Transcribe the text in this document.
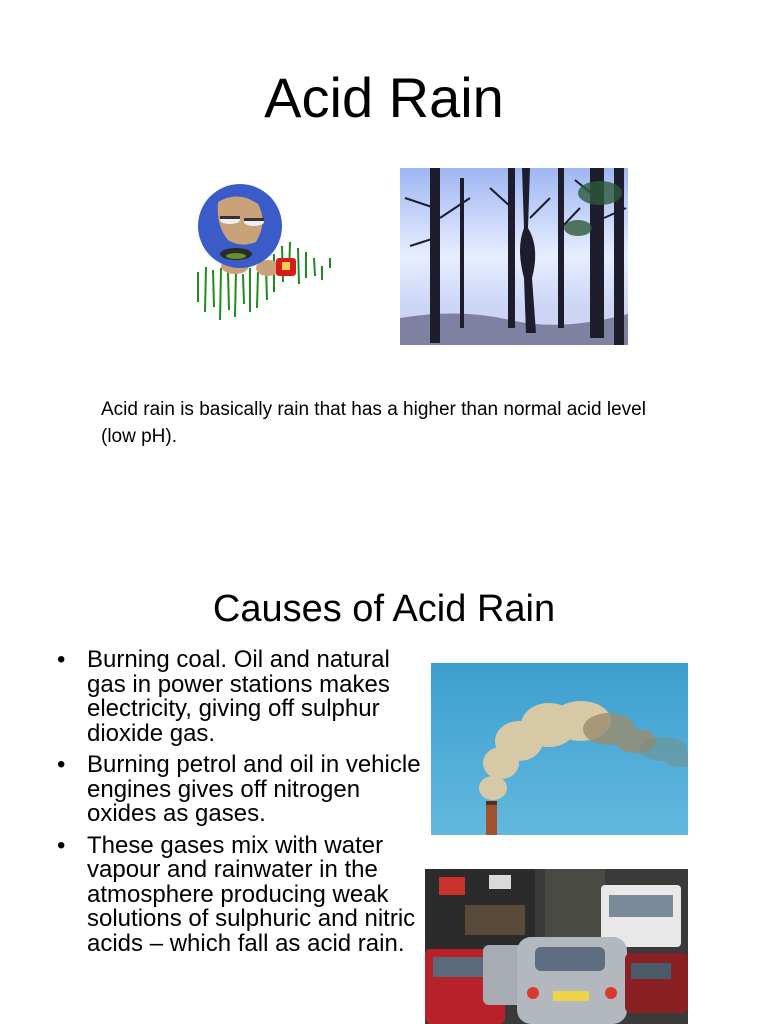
Acid Rain
Acid rain is basically rain that has a higher than normal acid level (low pH).
Causes of Acid Rain
• Burning coal. Oil and natural gas in power stations makes electricity, giving off sulphur dioxide gas.
• Burning petrol and oil in vehicle engines gives off nitrogen oxides as gases.
• These gases mix with water vapour and rainwater in the atmosphere producing weak solutions of sulphuric and nitric acids – which fall as acid rain.
